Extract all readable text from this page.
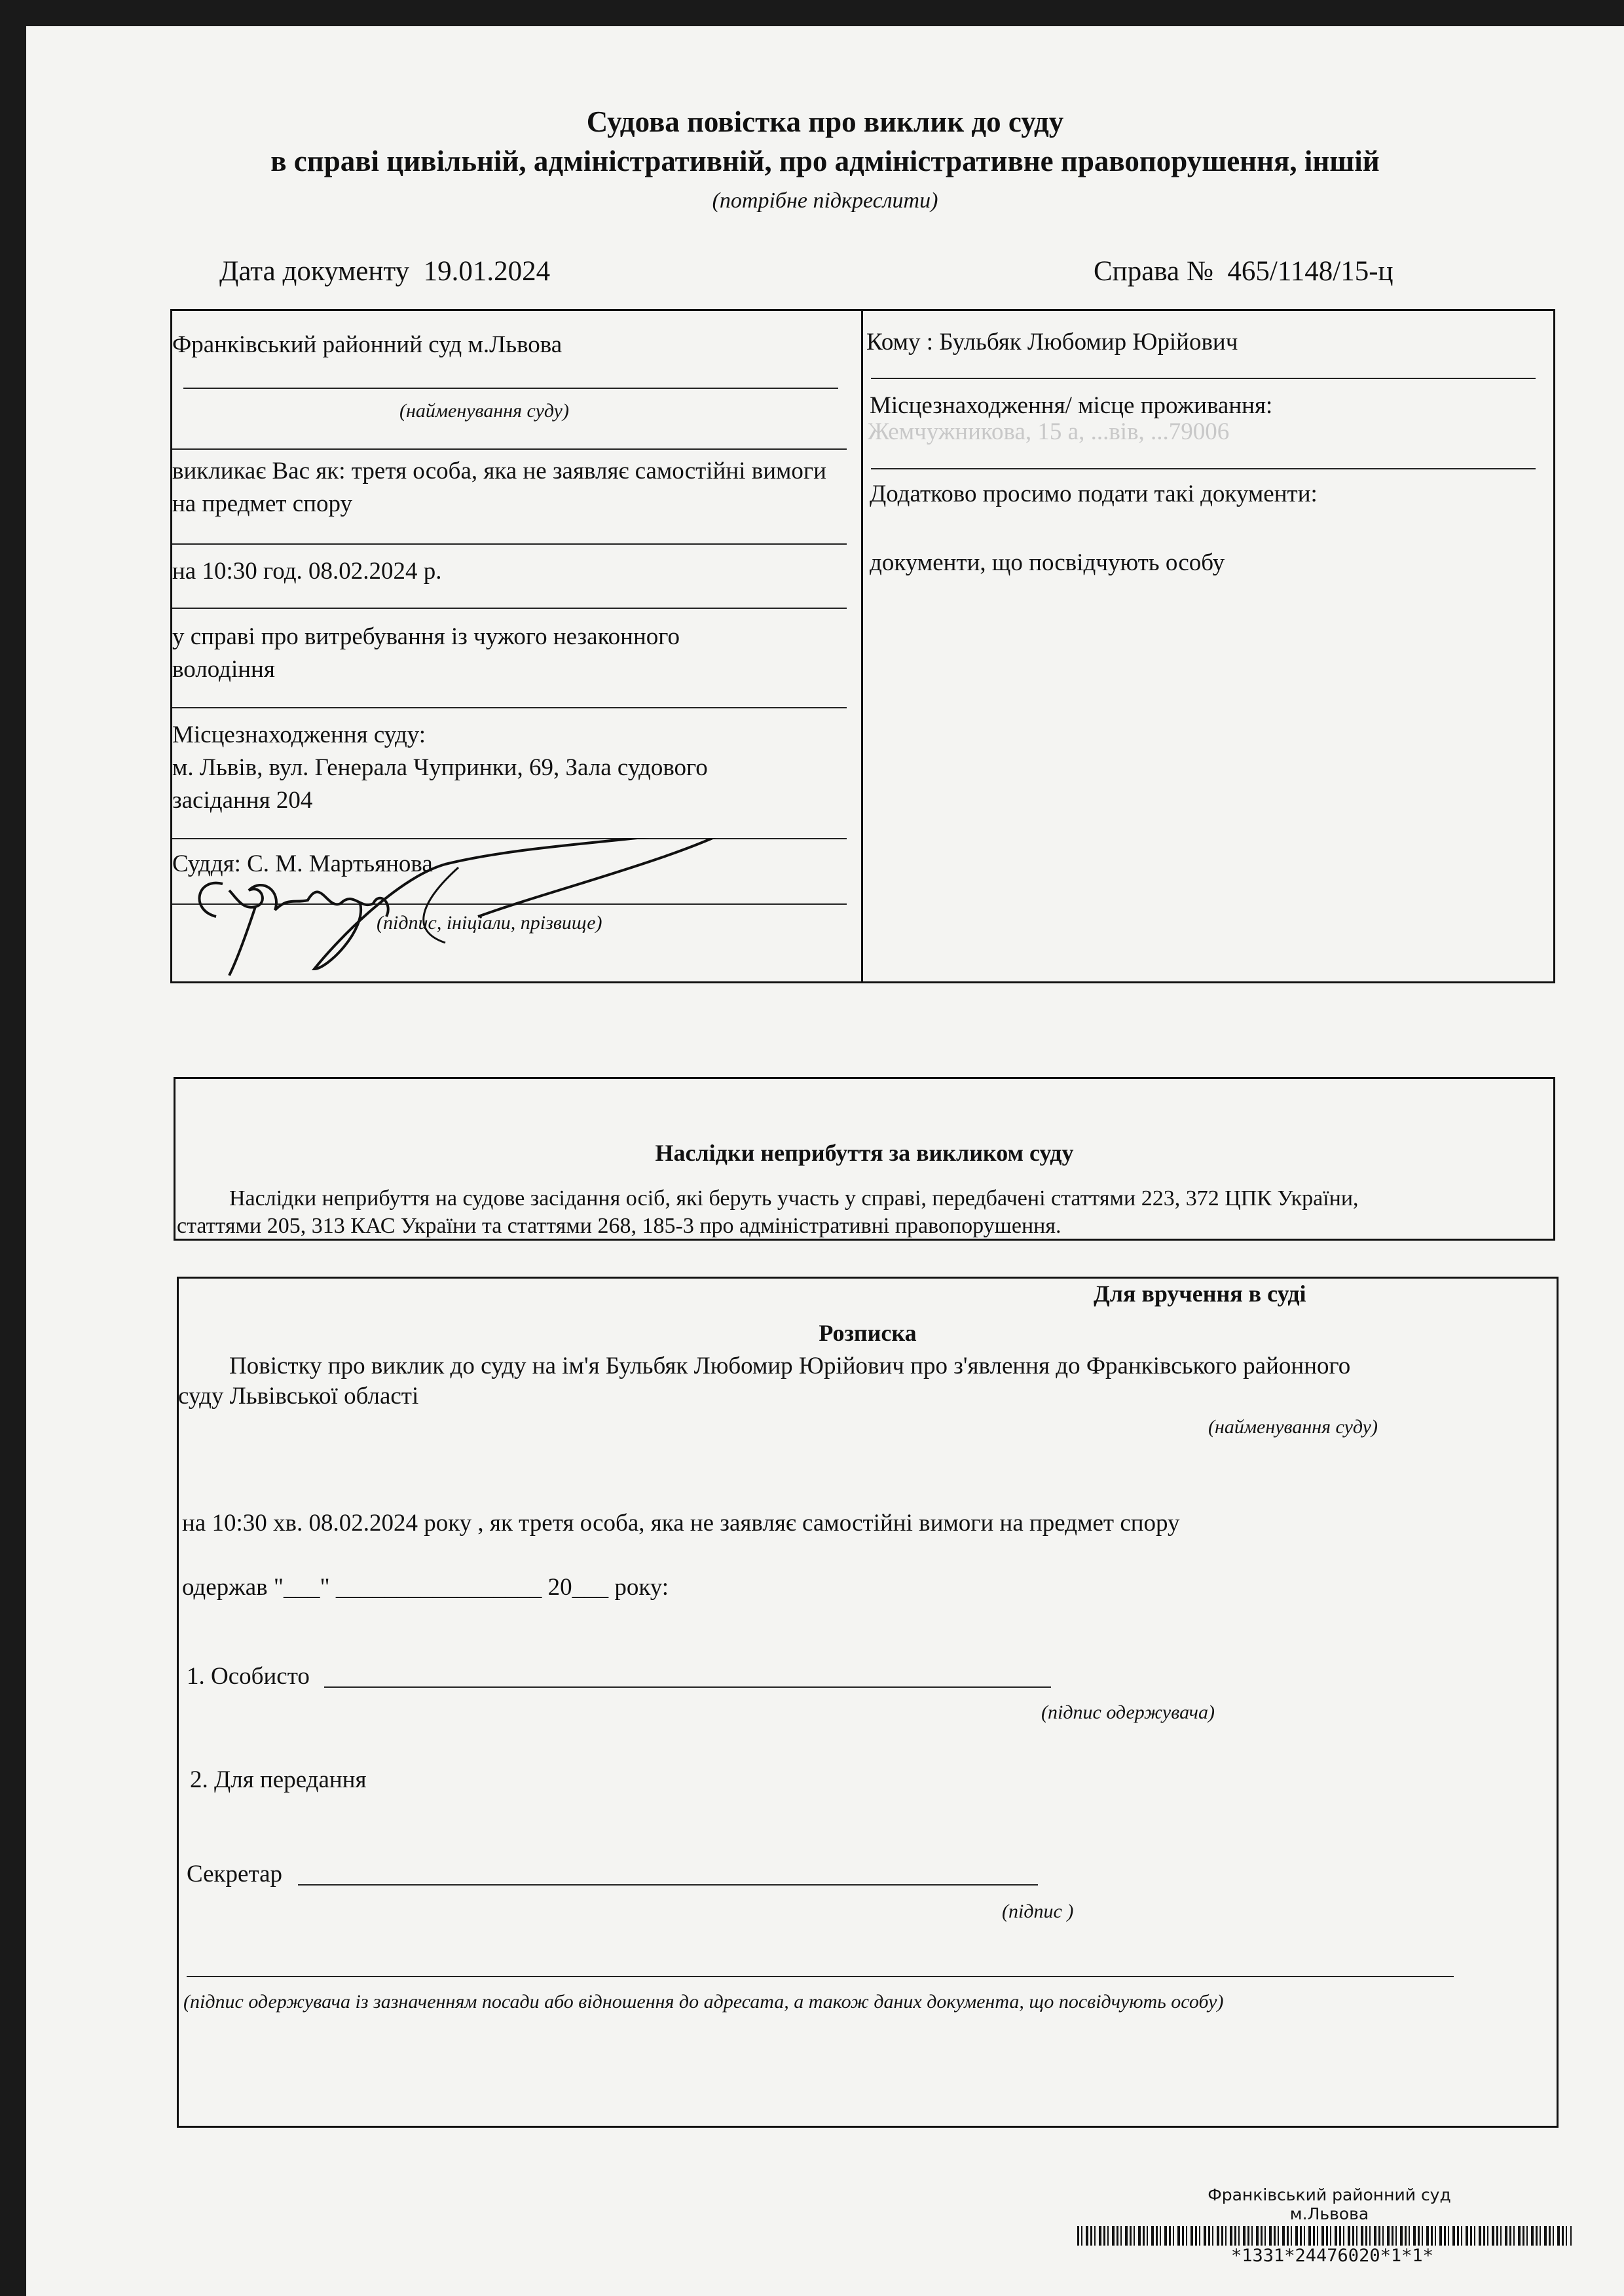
Судова повістка про виклик до суду
в справі цивільній, адміністративній, про адміністративне правопорушення, іншій
(потрібне підкреслити)
Дата документу 19.01.2024	Справа № 465/1148/15-ц
Франківський районний суд м.Львова
(найменування суду)
викликає Вас як: третя особа, яка не заявляє самостійні вимоги на предмет спору
на 10:30 год. 08.02.2024 р.
у справі про витребування із чужого незаконного володіння
Місцезнаходження суду:
м. Львів, вул. Генерала Чупринки, 69, Зала судового засідання 204
Суддя: С. М. Мартьянова
(підпис, ініціали, прізвище)
Кому : Бульбяк Любомир Юрійович
Місцезнаходження/ місце проживання:
Жемчужникова, 15 а, ...вів, ...79006
Додатково просимо подати такі документи:
документи, що посвідчують особу
Наслідки неприбуття за викликом суду
Наслідки неприбуття на судове засідання осіб, які беруть участь у справі, передбачені статтями 223, 372 ЦПК України,
статтями 205, 313 КАС України та статтями 268, 185-3 про адміністративні правопорушення.
Для вручення в суді
Розписка
Повістку про виклик до суду на ім'я Бульбяк Любомир Юрійович про з'явлення до Франківського районного
суду Львівської області
(найменування суду)
на 10:30 хв. 08.02.2024 року , як третя особа, яка не заявляє самостійні вимоги на предмет спору
одержав "___" _________________ 20___ року:
1. Особисто
(підпис одержувача)
2. Для передання
Секретар
(підпис )
(підпис одержувача із зазначенням посади або відношення до адресата, а також даних документа, що посвідчують особу)
Франківський районний суд
м.Львова
*1331*24476020*1*1*
